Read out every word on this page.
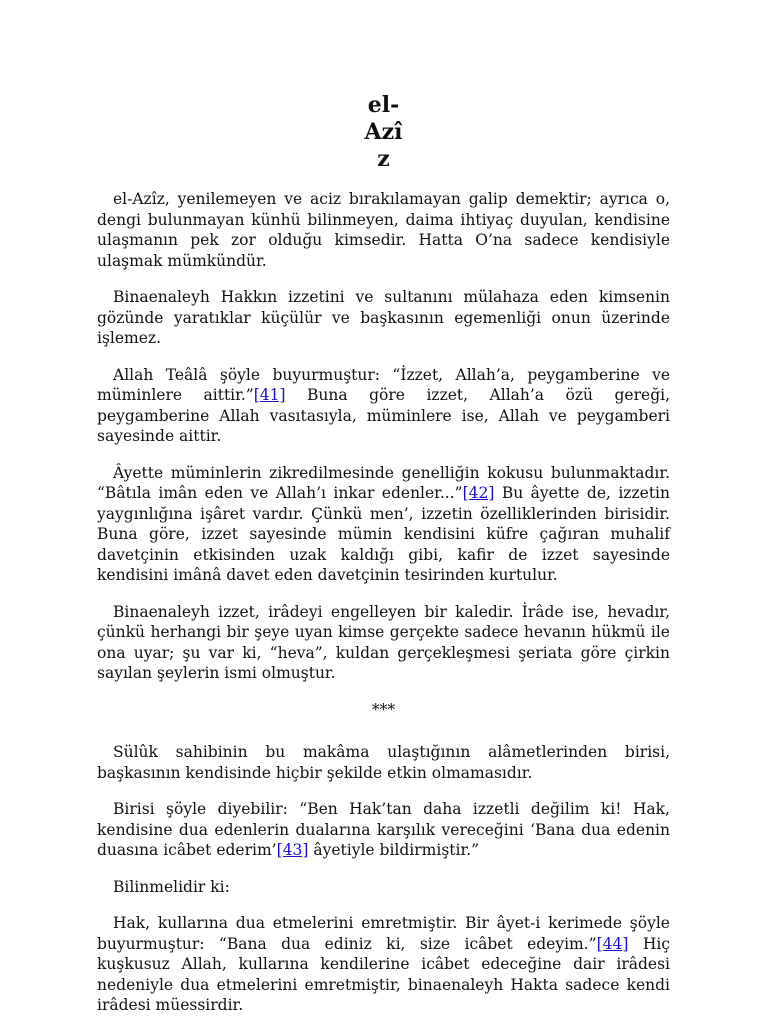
el-
Azî
z

el-Azîz, yenilemeyen ve aciz bırakılamayan galip demektir; ayrıca o, dengi bulunmayan künhü bilinmeyen, daima ihtiyaç duyulan, kendisine ulaşmanın pek zor olduğu kimsedir. Hatta O’na sadece kendisiyle ulaşmak mümkündür.

Binaenaleyh Hakkın izzetini ve sultanını mülahaza eden kimsenin gözünde yaratıklar küçülür ve başkasının egemenliği onun üzerinde işlemez.

Allah Teâlâ şöyle buyurmuştur: “İzzet, Allah’a, peygamberine ve müminlere aittir.”[41] Buna göre izzet, Allah’a özü gereği, peygamberine Allah vasıtasıyla, müminlere ise, Allah ve peygamberi sayesinde aittir.

Âyette müminlerin zikredilmesinde genelliğin kokusu bulunmaktadır. “Bâtıla imân eden ve Allah’ı inkar edenler...”[42] Bu âyette de, izzetin yaygınlığına işâret vardır. Çünkü men’, izzetin özelliklerinden birisidir. Buna göre, izzet sayesinde mümin kendisini küfre çağıran muhalif davetçinin etkisinden uzak kaldığı gibi, kafir de izzet sayesinde kendisini imânâ davet eden davetçinin tesirinden kurtulur.

Binaenaleyh izzet, irâdeyi engelleyen bir kaledir. İrâde ise, hevadır, çünkü herhangi bir şeye uyan kimse gerçekte sadece hevanın hükmü ile ona uyar; şu var ki, “heva”, kuldan gerçekleşmesi şeriata göre çirkin sayılan şeylerin ismi olmuştur.

***

Sülûk sahibinin bu makâma ulaştığının alâmetlerinden birisi, başkasının kendisinde hiçbir şekilde etkin olmamasıdır.

Birisi şöyle diyebilir: “Ben Hak’tan daha izzetli değilim ki! Hak, kendisine dua edenlerin dualarına karşılık vereceğini ‘Bana dua edenin duasına icâbet ederim’[43] âyetiyle bildirmiştir.”

Bilinmelidir ki:

Hak, kullarına dua etmelerini emretmiştir. Bir âyet-i kerimede şöyle buyurmuştur: “Bana dua ediniz ki, size icâbet edeyim.”[44] Hiç kuşkusuz Allah, kullarına kendilerine icâbet edeceğine dair irâdesi nedeniyle dua etmelerini emretmiştir, binaenaleyh Hakta sadece kendi irâdesi müessirdir.
